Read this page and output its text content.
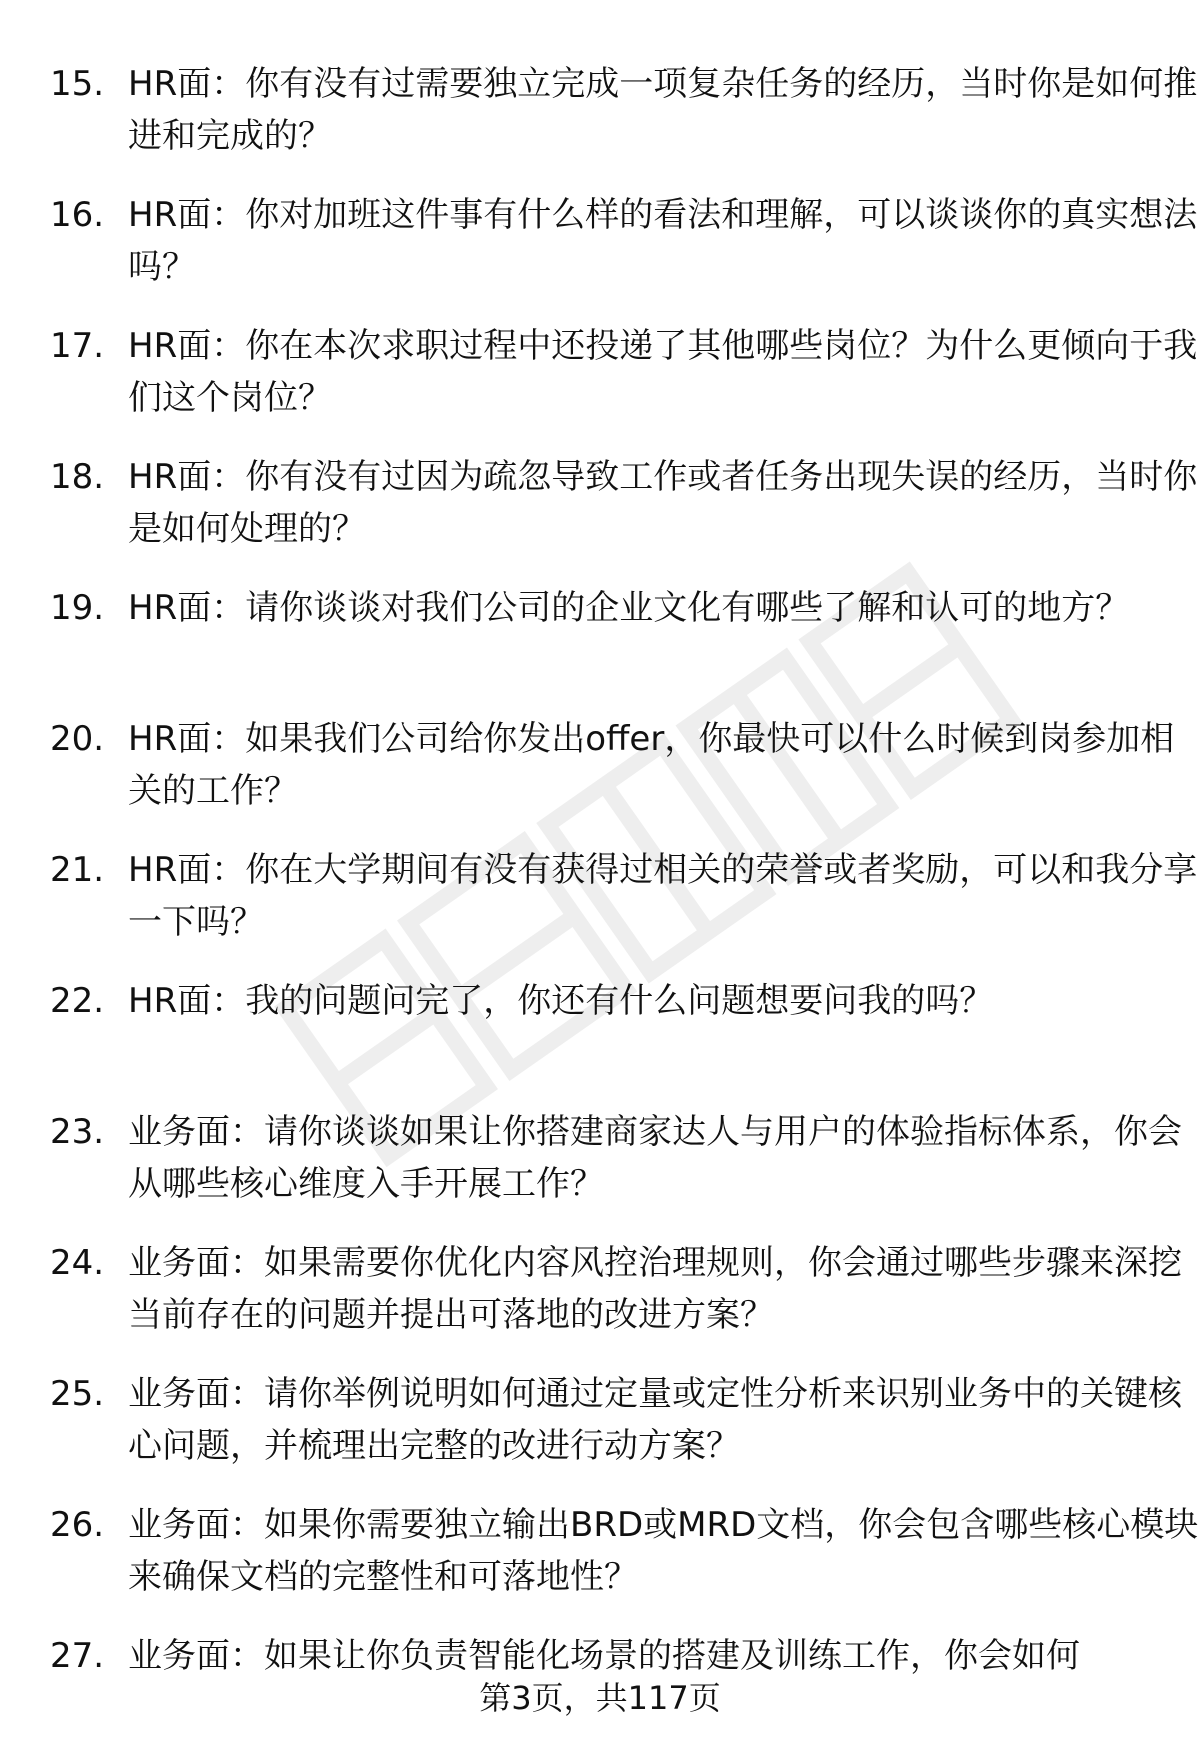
15. HR面：你有没有过需要独立完成一项复杂任务的经历，当时你是如何推进和完成的？
16. HR面：你对加班这件事有什么样的看法和理解，可以谈谈你的真实想法吗？
17. HR面：你在本次求职过程中还投递了其他哪些岗位？为什么更倾向于我们这个岗位？
18. HR面：你有没有过因为疏忽导致工作或者任务出现失误的经历，当时你是如何处理的？
19. HR面：请你谈谈对我们公司的企业文化有哪些了解和认可的地方？
20. HR面：如果我们公司给你发出offer，你最快可以什么时候到岗参加相关的工作？
21. HR面：你在大学期间有没有获得过相关的荣誉或者奖励，可以和我分享一下吗？
22. HR面：我的问题问完了，你还有什么问题想要问我的吗？
23. 业务面：请你谈谈如果让你搭建商家达人与用户的体验指标体系，你会从哪些核心维度入手开展工作？
24. 业务面：如果需要你优化内容风控治理规则，你会通过哪些步骤来深挖当前存在的问题并提出可落地的改进方案？
25. 业务面：请你举例说明如何通过定量或定性分析来识别业务中的关键核心问题，并梳理出完整的改进行动方案？
26. 业务面：如果你需要独立输出BRD或MRD文档，你会包含哪些核心模块来确保文档的完整性和可落地性？
27. 业务面：如果让你负责智能化场景的搭建及训练工作，你会如何
第3页，共117页
